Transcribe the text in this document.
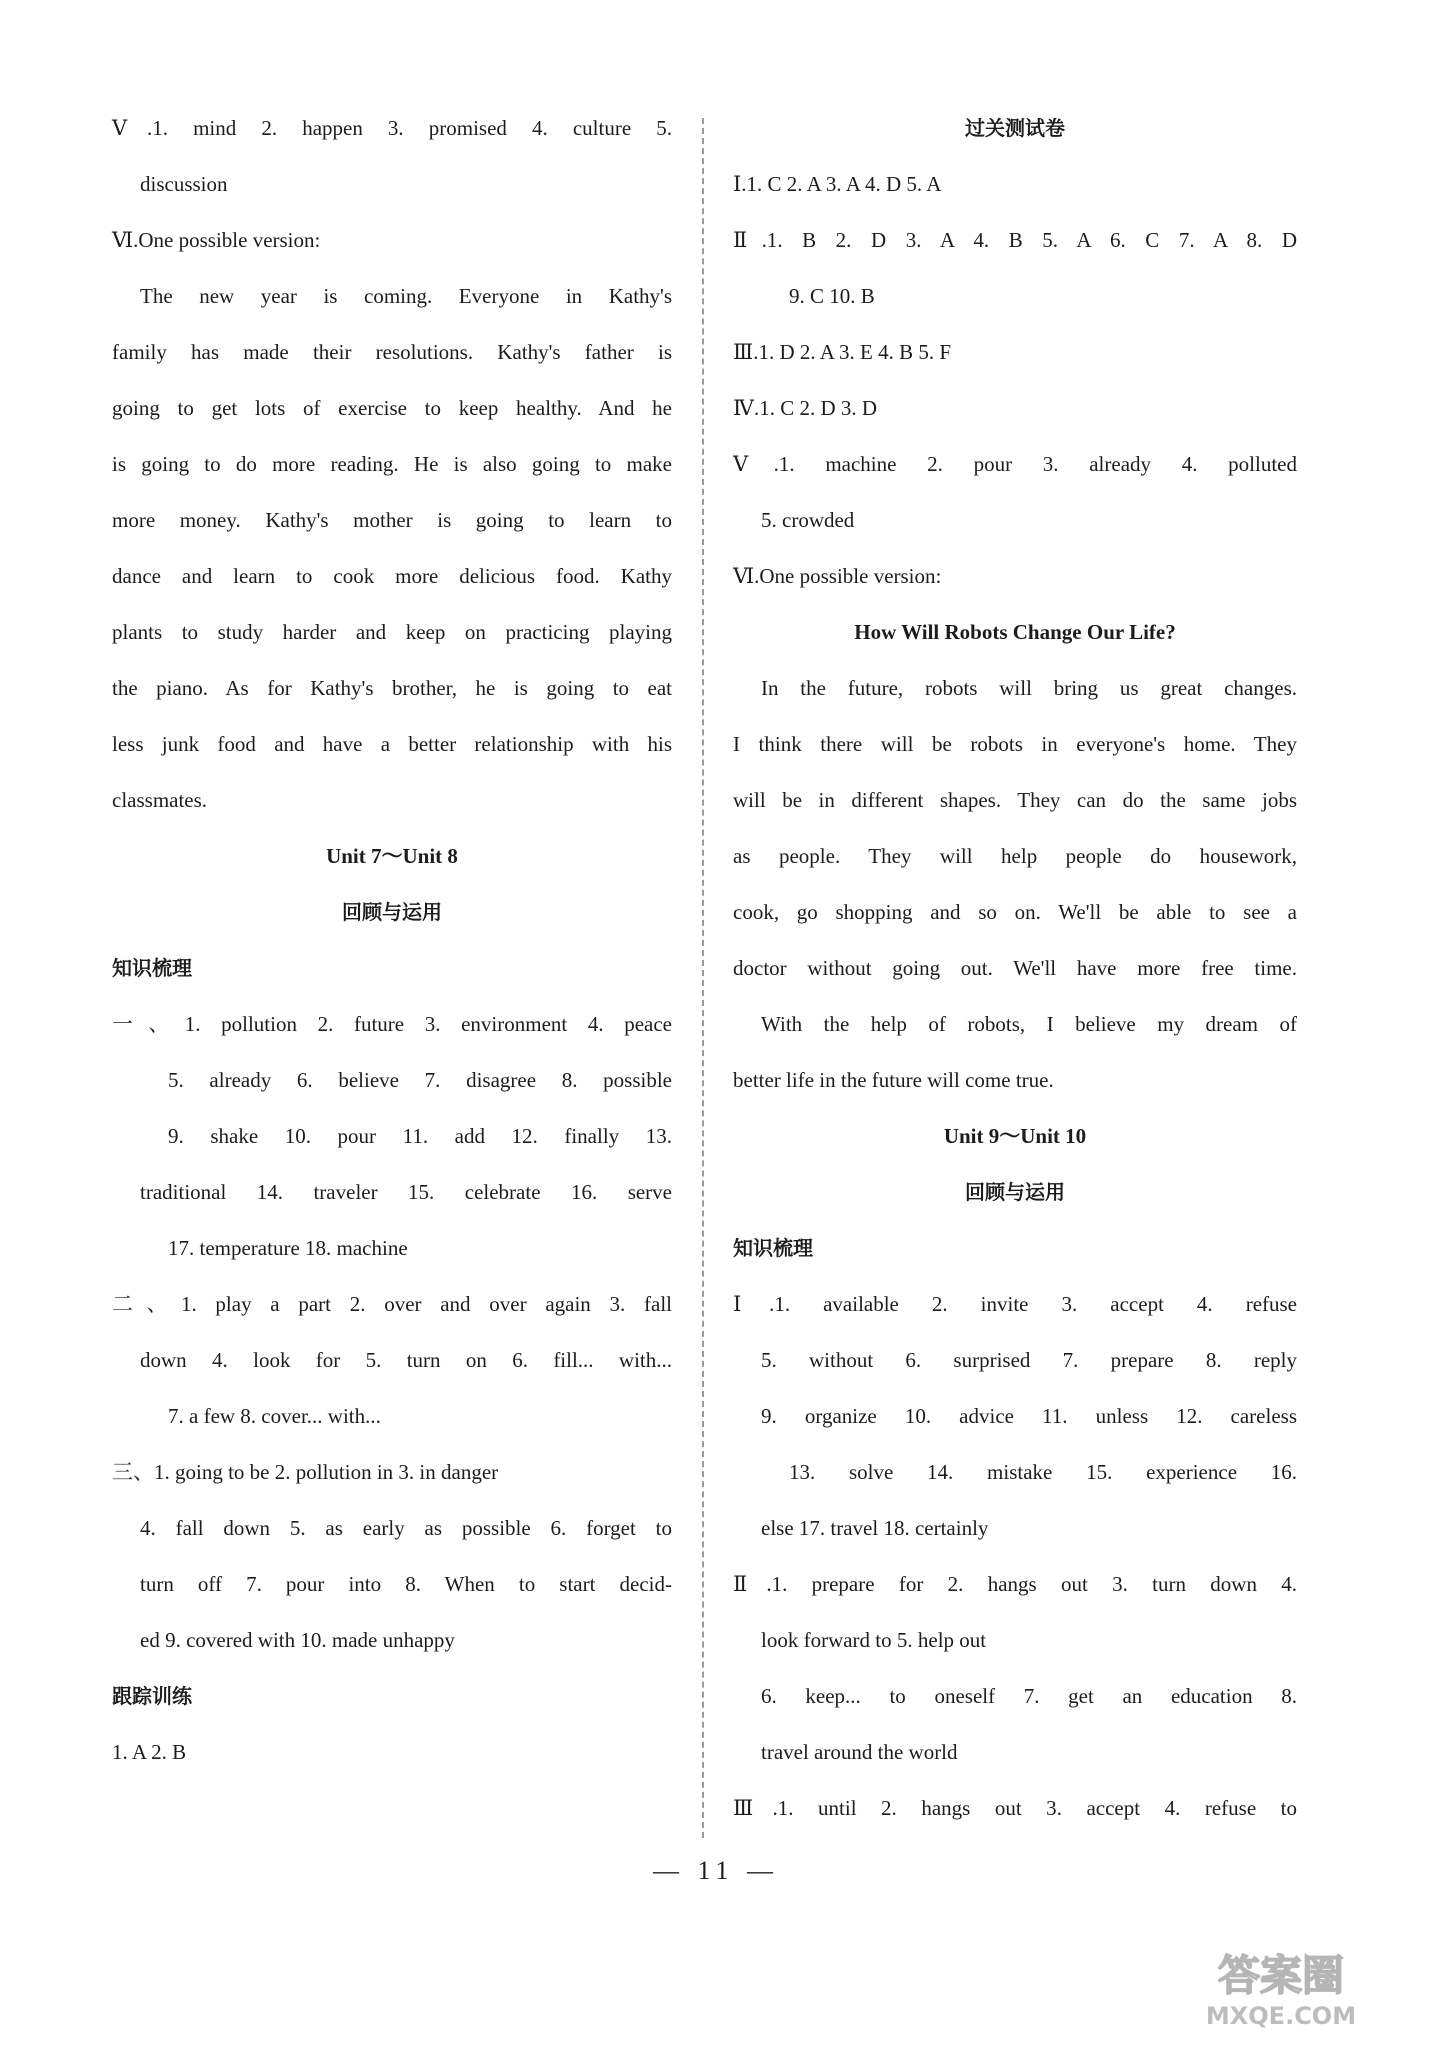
Ⅴ.1. mind 2. happen 3. promised 4. culture 5.
discussion
Ⅵ.One possible version:
The new year is coming. Everyone in Kathy's
family has made their resolutions. Kathy's father is
going to get lots of exercise to keep healthy. And he
is going to do more reading. He is also going to make
more money. Kathy's mother is going to learn to
dance and learn to cook more delicious food. Kathy
plants to study harder and keep on practicing playing
the piano. As for Kathy's brother, he is going to eat
less junk food and have a better relationship with his
classmates.
Unit 7～Unit 8
回顾与运用
知识梳理
一、1. pollution 2. future 3. environment 4. peace
5. already 6. believe 7. disagree 8. possible
9. shake 10. pour 11. add 12. finally 13.
traditional 14. traveler 15. celebrate 16. serve
17. temperature 18. machine
二、1. play a part 2. over and over again 3. fall
down 4. look for 5. turn on 6. fill... with...
7. a few 8. cover... with...
三、1. going to be 2. pollution in 3. in danger
4. fall down 5. as early as possible 6. forget to
turn off 7. pour into 8. When to start decid-
ed 9. covered with 10. made unhappy
跟踪训练
1. A 2. B
过关测试卷
Ⅰ.1. C 2. A 3. A 4. D 5. A
Ⅱ.1. B 2. D 3. A 4. B 5. A 6. C 7. A 8. D
9. C 10. B
Ⅲ.1. D 2. A 3. E 4. B 5. F
Ⅳ.1. C 2. D 3. D
Ⅴ.1. machine 2. pour 3. already 4. polluted
5. crowded
Ⅵ.One possible version:
How Will Robots Change Our Life?
In the future, robots will bring us great changes.
I think there will be robots in everyone's home. They
will be in different shapes. They can do the same jobs
as people. They will help people do housework,
cook, go shopping and so on. We'll be able to see a
doctor without going out. We'll have more free time.
With the help of robots, I believe my dream of
better life in the future will come true.
Unit 9～Unit 10
回顾与运用
知识梳理
Ⅰ.1. available 2. invite 3. accept 4. refuse
5. without 6. surprised 7. prepare 8. reply
9. organize 10. advice 11. unless 12. careless
13. solve 14. mistake 15. experience 16.
else 17. travel 18. certainly
Ⅱ.1. prepare for 2. hangs out 3. turn down 4.
look forward to 5. help out
6. keep... to oneself 7. get an education 8.
travel around the world
Ⅲ.1. until 2. hangs out 3. accept 4. refuse to
— 11 —
答案圈
MXQE.COM
